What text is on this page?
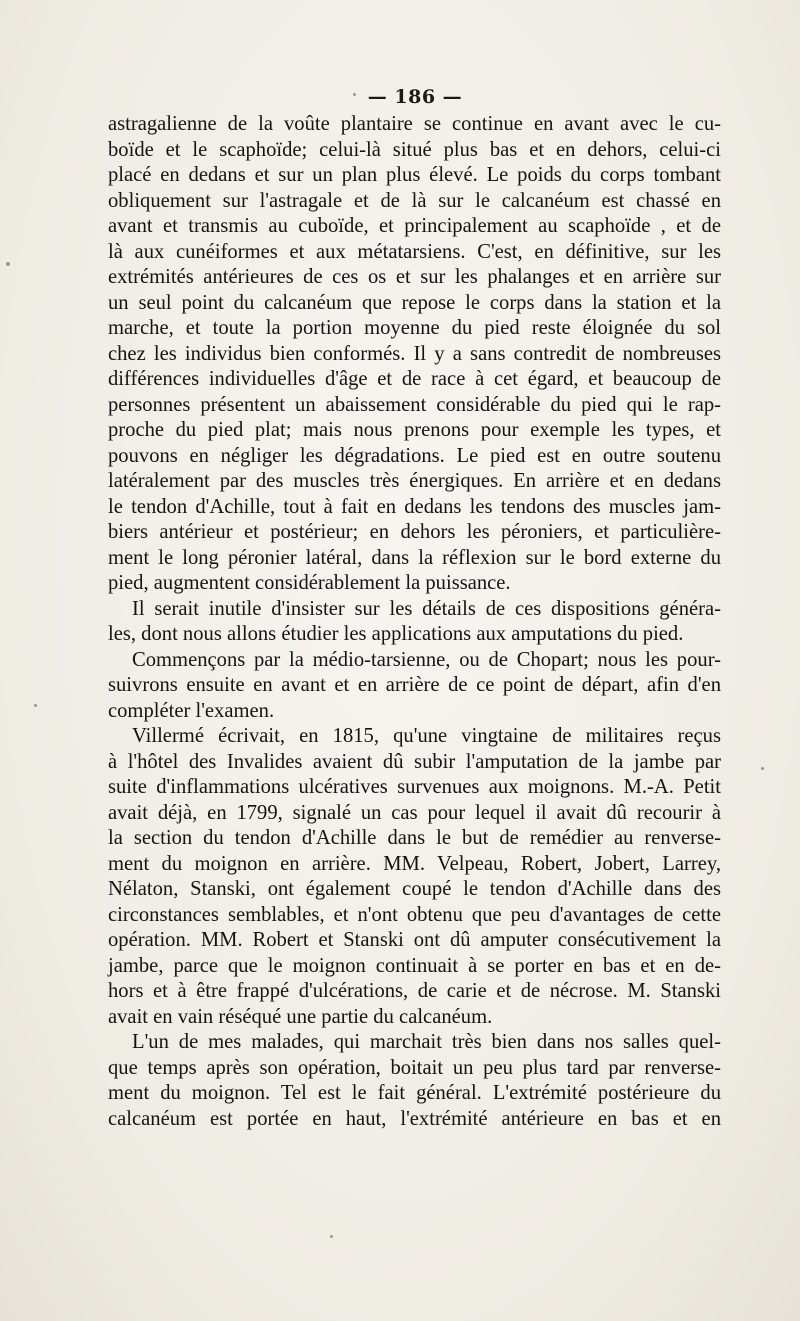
— 186 —
astragalienne de la voûte plantaire se continue en avant avec le cu-
boïde et le scaphoïde; celui-là situé plus bas et en dehors, celui-ci
placé en dedans et sur un plan plus élevé. Le poids du corps tombant
obliquement sur l'astragale et de là sur le calcanéum est chassé en
avant et transmis au cuboïde, et principalement au scaphoïde , et de
là aux cunéiformes et aux métatarsiens. C'est, en définitive, sur les
extrémités antérieures de ces os et sur les phalanges et en arrière sur
un seul point du calcanéum que repose le corps dans la station et la
marche, et toute la portion moyenne du pied reste éloignée du sol
chez les individus bien conformés. Il y a sans contredit de nombreuses
différences individuelles d'âge et de race à cet égard, et beaucoup de
personnes présentent un abaissement considérable du pied qui le rap-
proche du pied plat; mais nous prenons pour exemple les types, et
pouvons en négliger les dégradations. Le pied est en outre soutenu
latéralement par des muscles très énergiques. En arrière et en dedans
le tendon d'Achille, tout à fait en dedans les tendons des muscles jam-
biers antérieur et postérieur; en dehors les péroniers, et particulière-
ment le long péronier latéral, dans la réflexion sur le bord externe du
pied, augmentent considérablement la puissance.
Il serait inutile d'insister sur les détails de ces dispositions généra-
les, dont nous allons étudier les applications aux amputations du pied.
Commençons par la médio-tarsienne, ou de Chopart; nous les pour-
suivrons ensuite en avant et en arrière de ce point de départ, afin d'en
compléter l'examen.
Villermé écrivait, en 1815, qu'une vingtaine de militaires reçus
à l'hôtel des Invalides avaient dû subir l'amputation de la jambe par
suite d'inflammations ulcératives survenues aux moignons. M.-A. Petit
avait déjà, en 1799, signalé un cas pour lequel il avait dû recourir à
la section du tendon d'Achille dans le but de remédier au renverse-
ment du moignon en arrière. MM. Velpeau, Robert, Jobert, Larrey,
Nélaton, Stanski, ont également coupé le tendon d'Achille dans des
circonstances semblables, et n'ont obtenu que peu d'avantages de cette
opération. MM. Robert et Stanski ont dû amputer consécutivement la
jambe, parce que le moignon continuait à se porter en bas et en de-
hors et à être frappé d'ulcérations, de carie et de nécrose. M. Stanski
avait en vain réséqué une partie du calcanéum.
L'un de mes malades, qui marchait très bien dans nos salles quel-
que temps après son opération, boitait un peu plus tard par renverse-
ment du moignon. Tel est le fait général. L'extrémité postérieure du
calcanéum est portée en haut, l'extrémité antérieure en bas et en
